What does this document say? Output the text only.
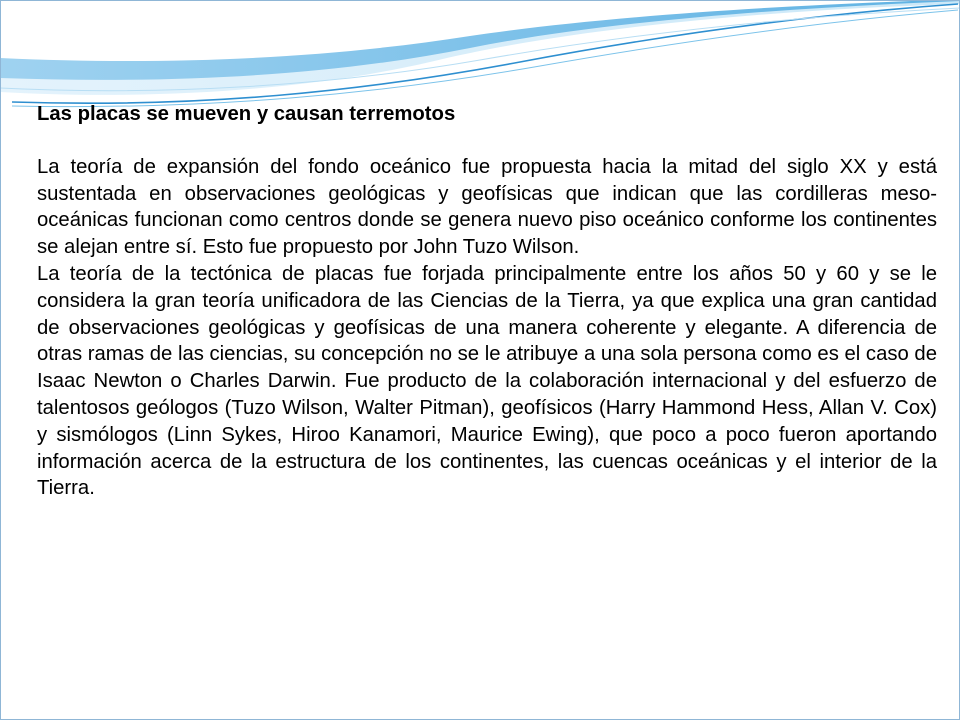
Las placas se mueven y causan terremotos

La teoría de expansión del fondo oceánico fue propuesta hacia la mitad del siglo XX y está sustentada en observaciones geológicas y geofísicas que indican que las cordilleras meso-oceánicas funcionan como centros donde se genera nuevo piso oceánico conforme los continentes se alejan entre sí. Esto fue propuesto por John Tuzo Wilson.

La teoría de la tectónica de placas fue forjada principalmente entre los años 50 y 60 y se le considera la gran teoría unificadora de las Ciencias de la Tierra, ya que explica una gran cantidad de observaciones geológicas y geofísicas de una manera coherente y elegante. A diferencia de otras ramas de las ciencias, su concepción no se le atribuye a una sola persona como es el caso de Isaac Newton o Charles Darwin. Fue producto de la colaboración internacional y del esfuerzo de talentosos geólogos (Tuzo Wilson, Walter Pitman), geofísicos (Harry Hammond Hess, Allan V. Cox) y sismólogos (Linn Sykes, Hiroo Kanamori, Maurice Ewing), que poco a poco fueron aportando información acerca de la estructura de los continentes, las cuencas oceánicas y el interior de la Tierra.
